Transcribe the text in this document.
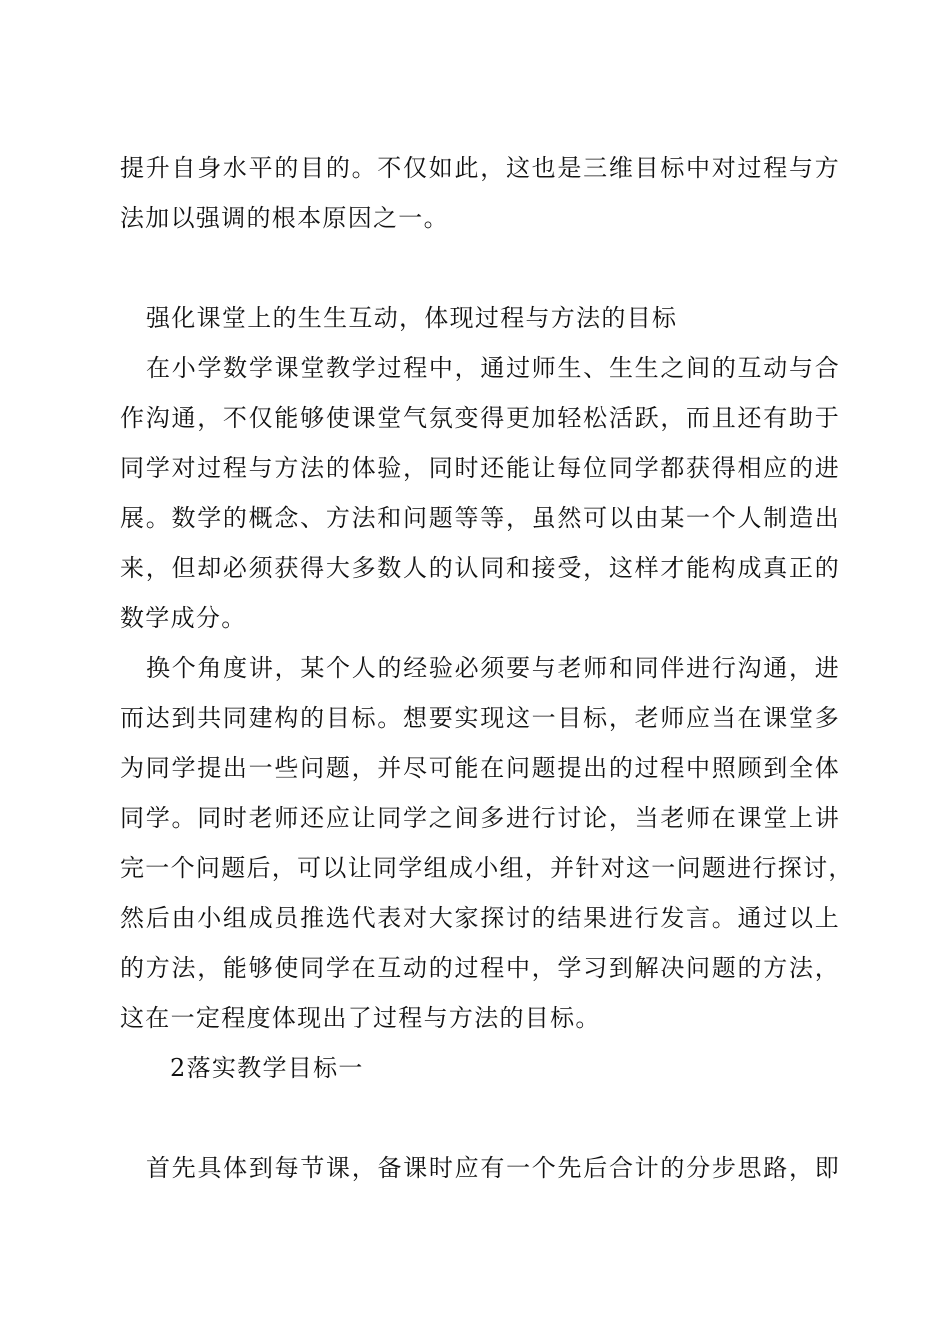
提升自身水平的目的。不仅如此，这也是三维目标中对过程与方
法加以强调的根本原因之一。
强化课堂上的生生互动，体现过程与方法的目标
在小学数学课堂教学过程中，通过师生、生生之间的互动与合
作沟通，不仅能够使课堂气氛变得更加轻松活跃，而且还有助于
同学对过程与方法的体验，同时还能让每位同学都获得相应的进
展。数学的概念、方法和问题等等，虽然可以由某一个人制造出
来，但却必须获得大多数人的认同和接受，这样才能构成真正的
数学成分。
换个角度讲，某个人的经验必须要与老师和同伴进行沟通，进
而达到共同建构的目标。想要实现这一目标，老师应当在课堂多
为同学提出一些问题，并尽可能在问题提出的过程中照顾到全体
同学。同时老师还应让同学之间多进行讨论，当老师在课堂上讲
完一个问题后，可以让同学组成小组，并针对这一问题进行探讨，
然后由小组成员推选代表对大家探讨的结果进行发言。通过以上
的方法，能够使同学在互动的过程中，学习到解决问题的方法，
这在一定程度体现出了过程与方法的目标。
2落实教学目标一
首先具体到每节课，备课时应有一个先后合计的分步思路，即
